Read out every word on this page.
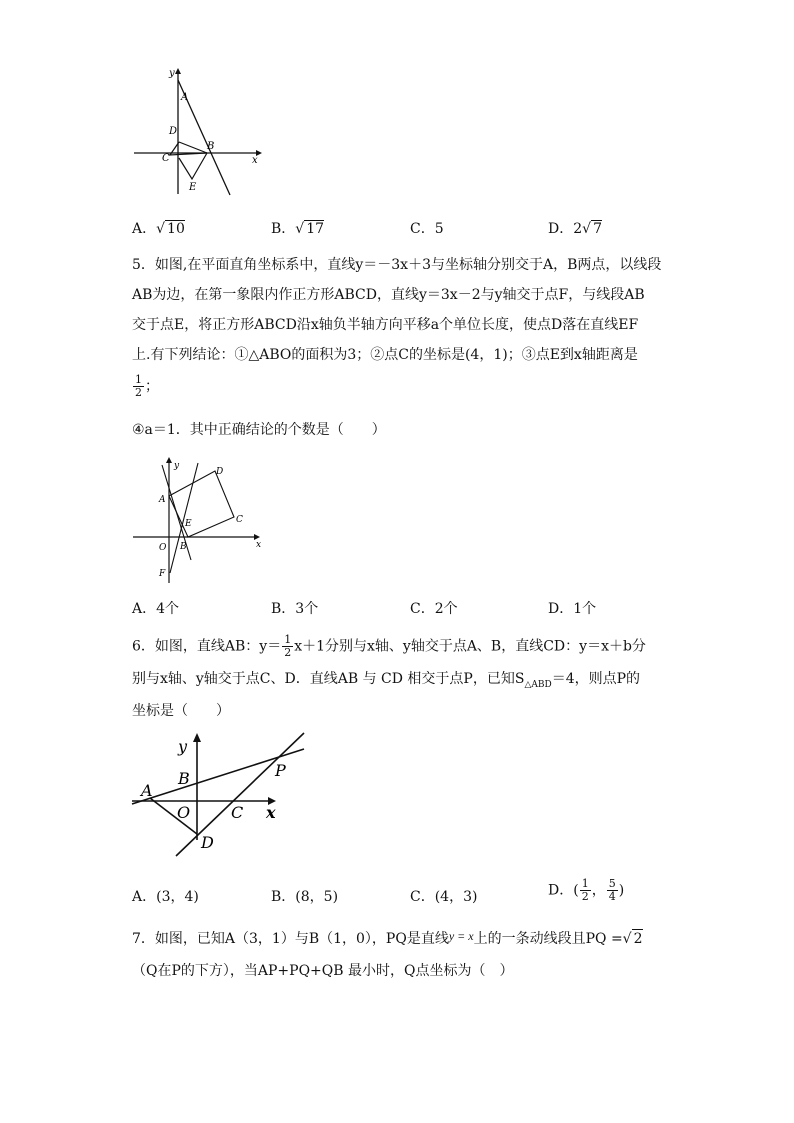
y
x
A
B
C
D
E
A．√ 10	B．√ 17	C．5	D．2√ 7
5．如图,在平面直角坐标系中，直线y＝－3x＋3与坐标轴分别交于A，B两点，以线段
AB为边，在第一象限内作正方形ABCD，直线y＝3x－2与y轴交于点F，与线段AB
交于点E，将正方形ABCD沿x轴负半轴方向平移a个单位长度，使点D落在直线EF
上.有下列结论：①△ABO的面积为3；②点C的坐标是(4，1)；③点E到x轴距离是
$\frac{1}{2}$ ；
④a＝1．其中正确结论的个数是（　　）
y
x
A
B
C
D
E
F
O
A．4个	B．3个	C．2个	D．1个
6．如图，直线AB：$y= \frac{1}{2} x+1$分别与x轴、y轴交于点A、B，直线CD：y＝x＋b分
别与x轴、y轴交于点C、D．直线AB 与 CD 相交于点P，已知$S_{\triangle ABD}=4$，则点P的
坐标是（　　）
y
x
A
B
C
D
O
P
A．(3，4)	B．(8，5)	C．(4，3)	D．( $\frac{1}{2}$ ， $\frac{5}{4}$ )
7．如图，已知A（3，1）与B（1，0），PQ是直线y = x上的一条动线段且PQ =√ 2
（Q在P的下方），当AP+PQ+QB 最小时，Q点坐标为（　）
